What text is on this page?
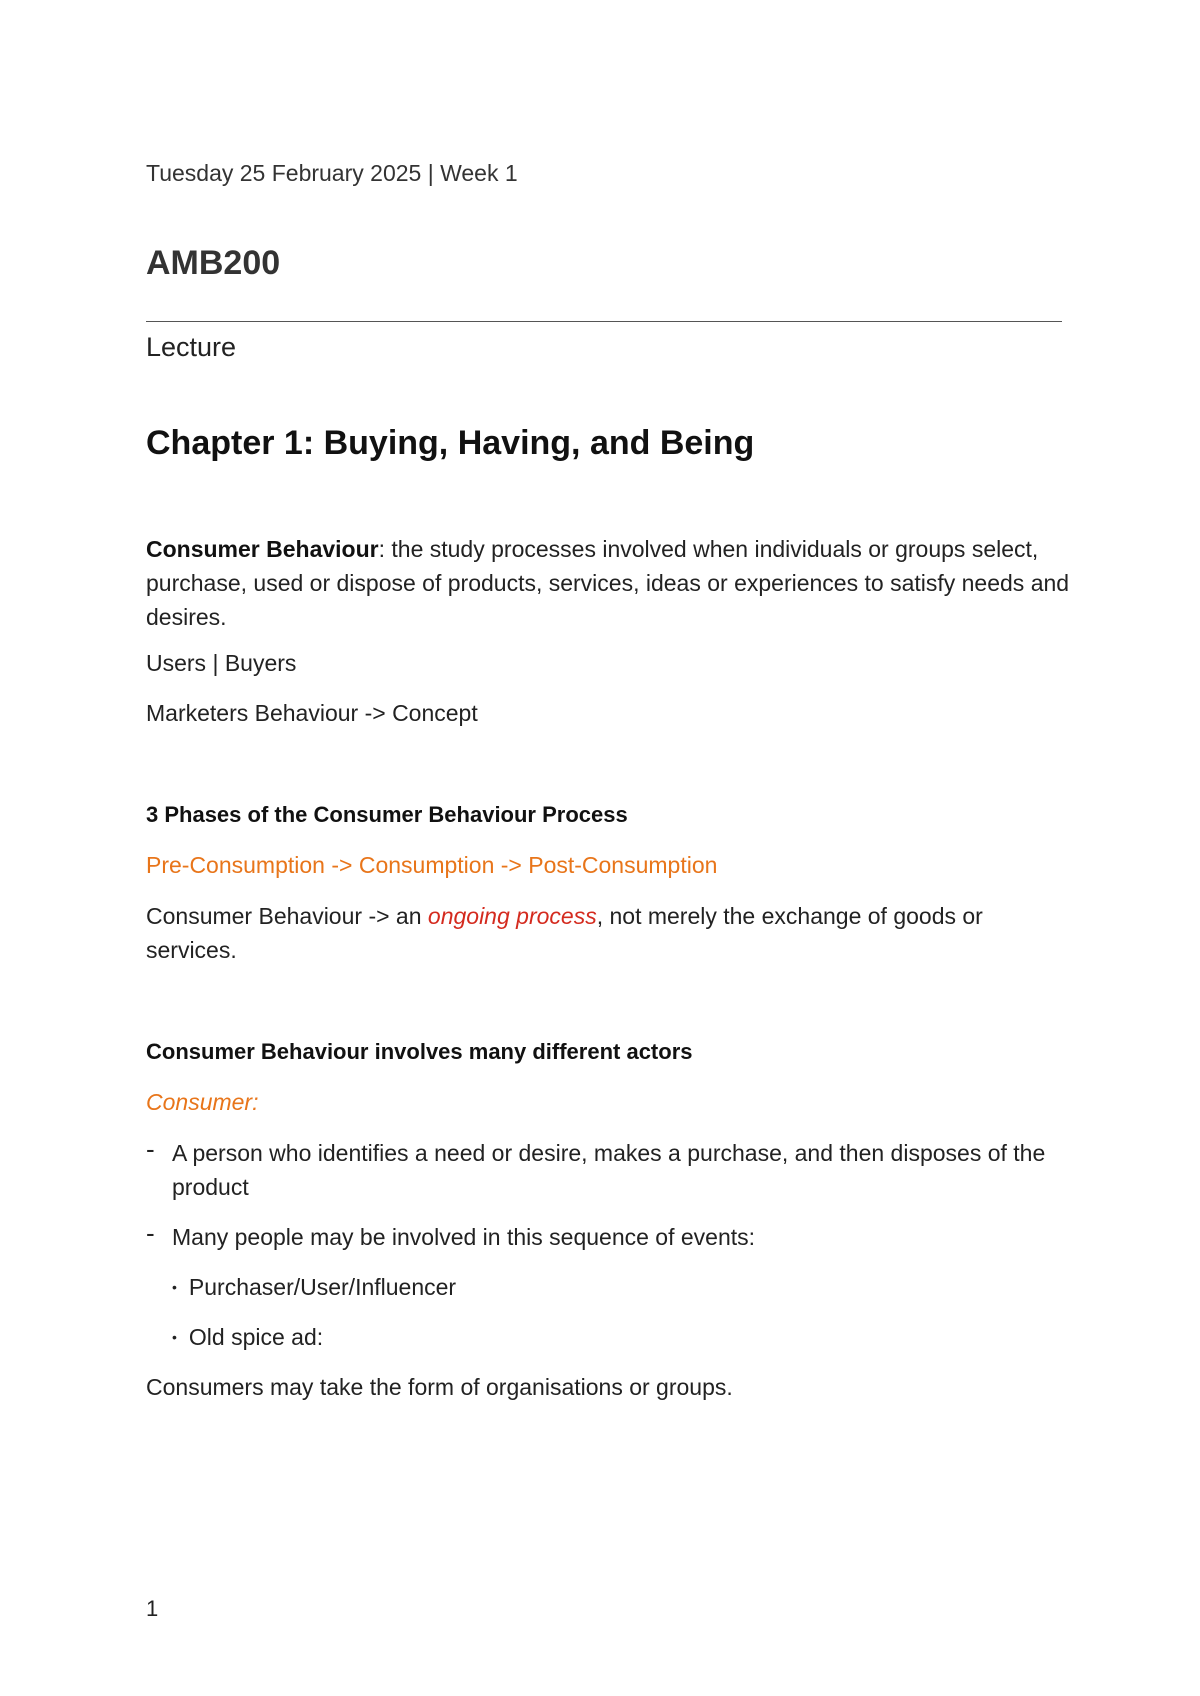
Tuesday 25 February 2025 | Week 1

AMB200

Lecture

Chapter 1: Buying, Having, and Being

Consumer Behaviour: the study processes involved when individuals or groups select, purchase, used or dispose of products, services, ideas or experiences to satisfy needs and desires.

Users | Buyers

Marketers Behaviour -> Concept

3 Phases of the Consumer Behaviour Process

Pre-Consumption -> Consumption -> Post-Consumption

Consumer Behaviour -> an ongoing process, not merely the exchange of goods or services.

Consumer Behaviour involves many different actors

Consumer:

- A person who identifies a need or desire, makes a purchase, and then disposes of the product
- Many people may be involved in this sequence of events:

• Purchaser/User/Influencer

• Old spice ad:

Consumers may take the form of organisations or groups.

1
